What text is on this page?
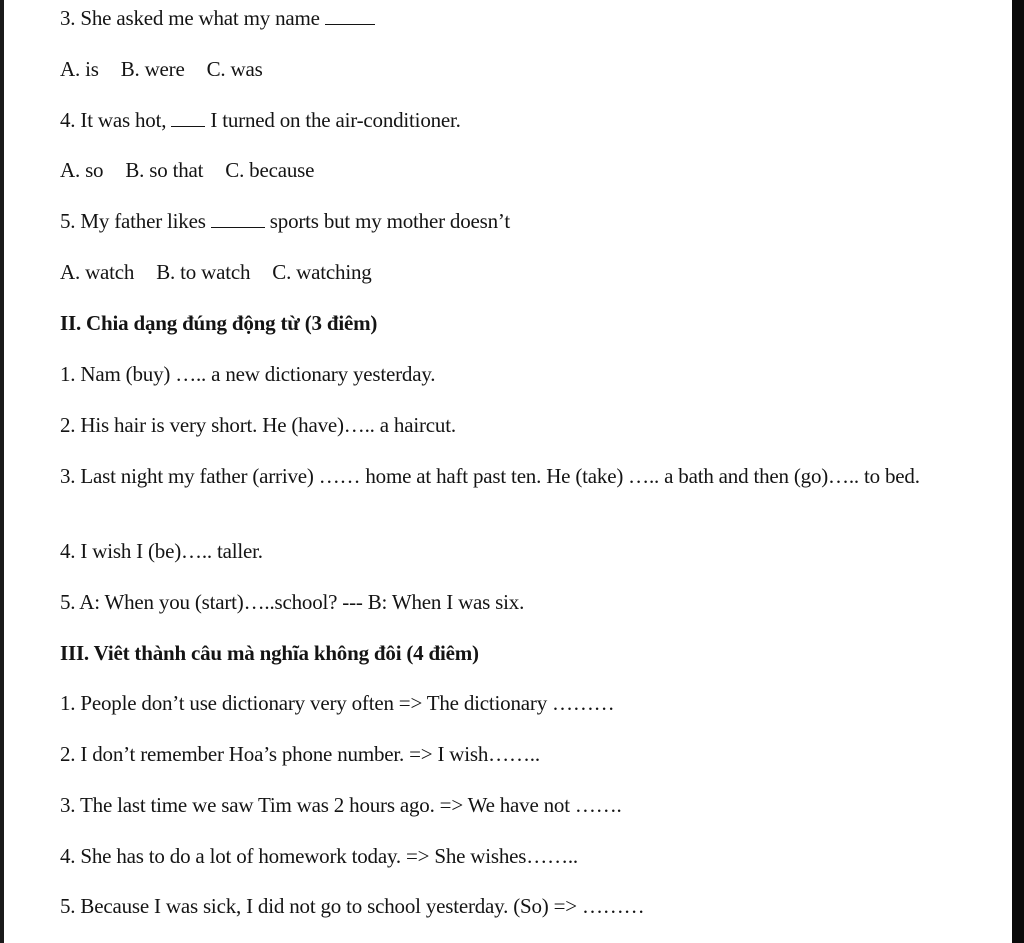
3. She asked me what my name
A. is B. were C. was
4. It was hot,  I turned on the air-conditioner.
A. so B. so that C. because
5. My father likes	sports but my mother doesn’t
A. watch B. to watch C. watching
II. Chia dạng đúng động từ (3 điêm)
1. Nam (buy) ….. a new dictionary yesterday.
2. His hair is very short. He (have)….. a haircut.
3. Last night my father (arrive) …… home at haft past ten. He (take) ….. a bath and then (go)….. to bed.
4. I wish I (be)….. taller.
5. A: When you (start)…..school? --- B: When I was six.
III. Viêt thành câu mà nghĩa không đôi (4 điêm)
1. People don’t use dictionary very often => The dictionary ………
2. I don’t remember Hoa’s phone number. => I wish……..
3. The last time we saw Tim was 2 hours ago. => We have not …….
4. She has to do a lot of homework today. => She wishes……..
5. Because I was sick, I did not go to school yesterday. (So) => ………
